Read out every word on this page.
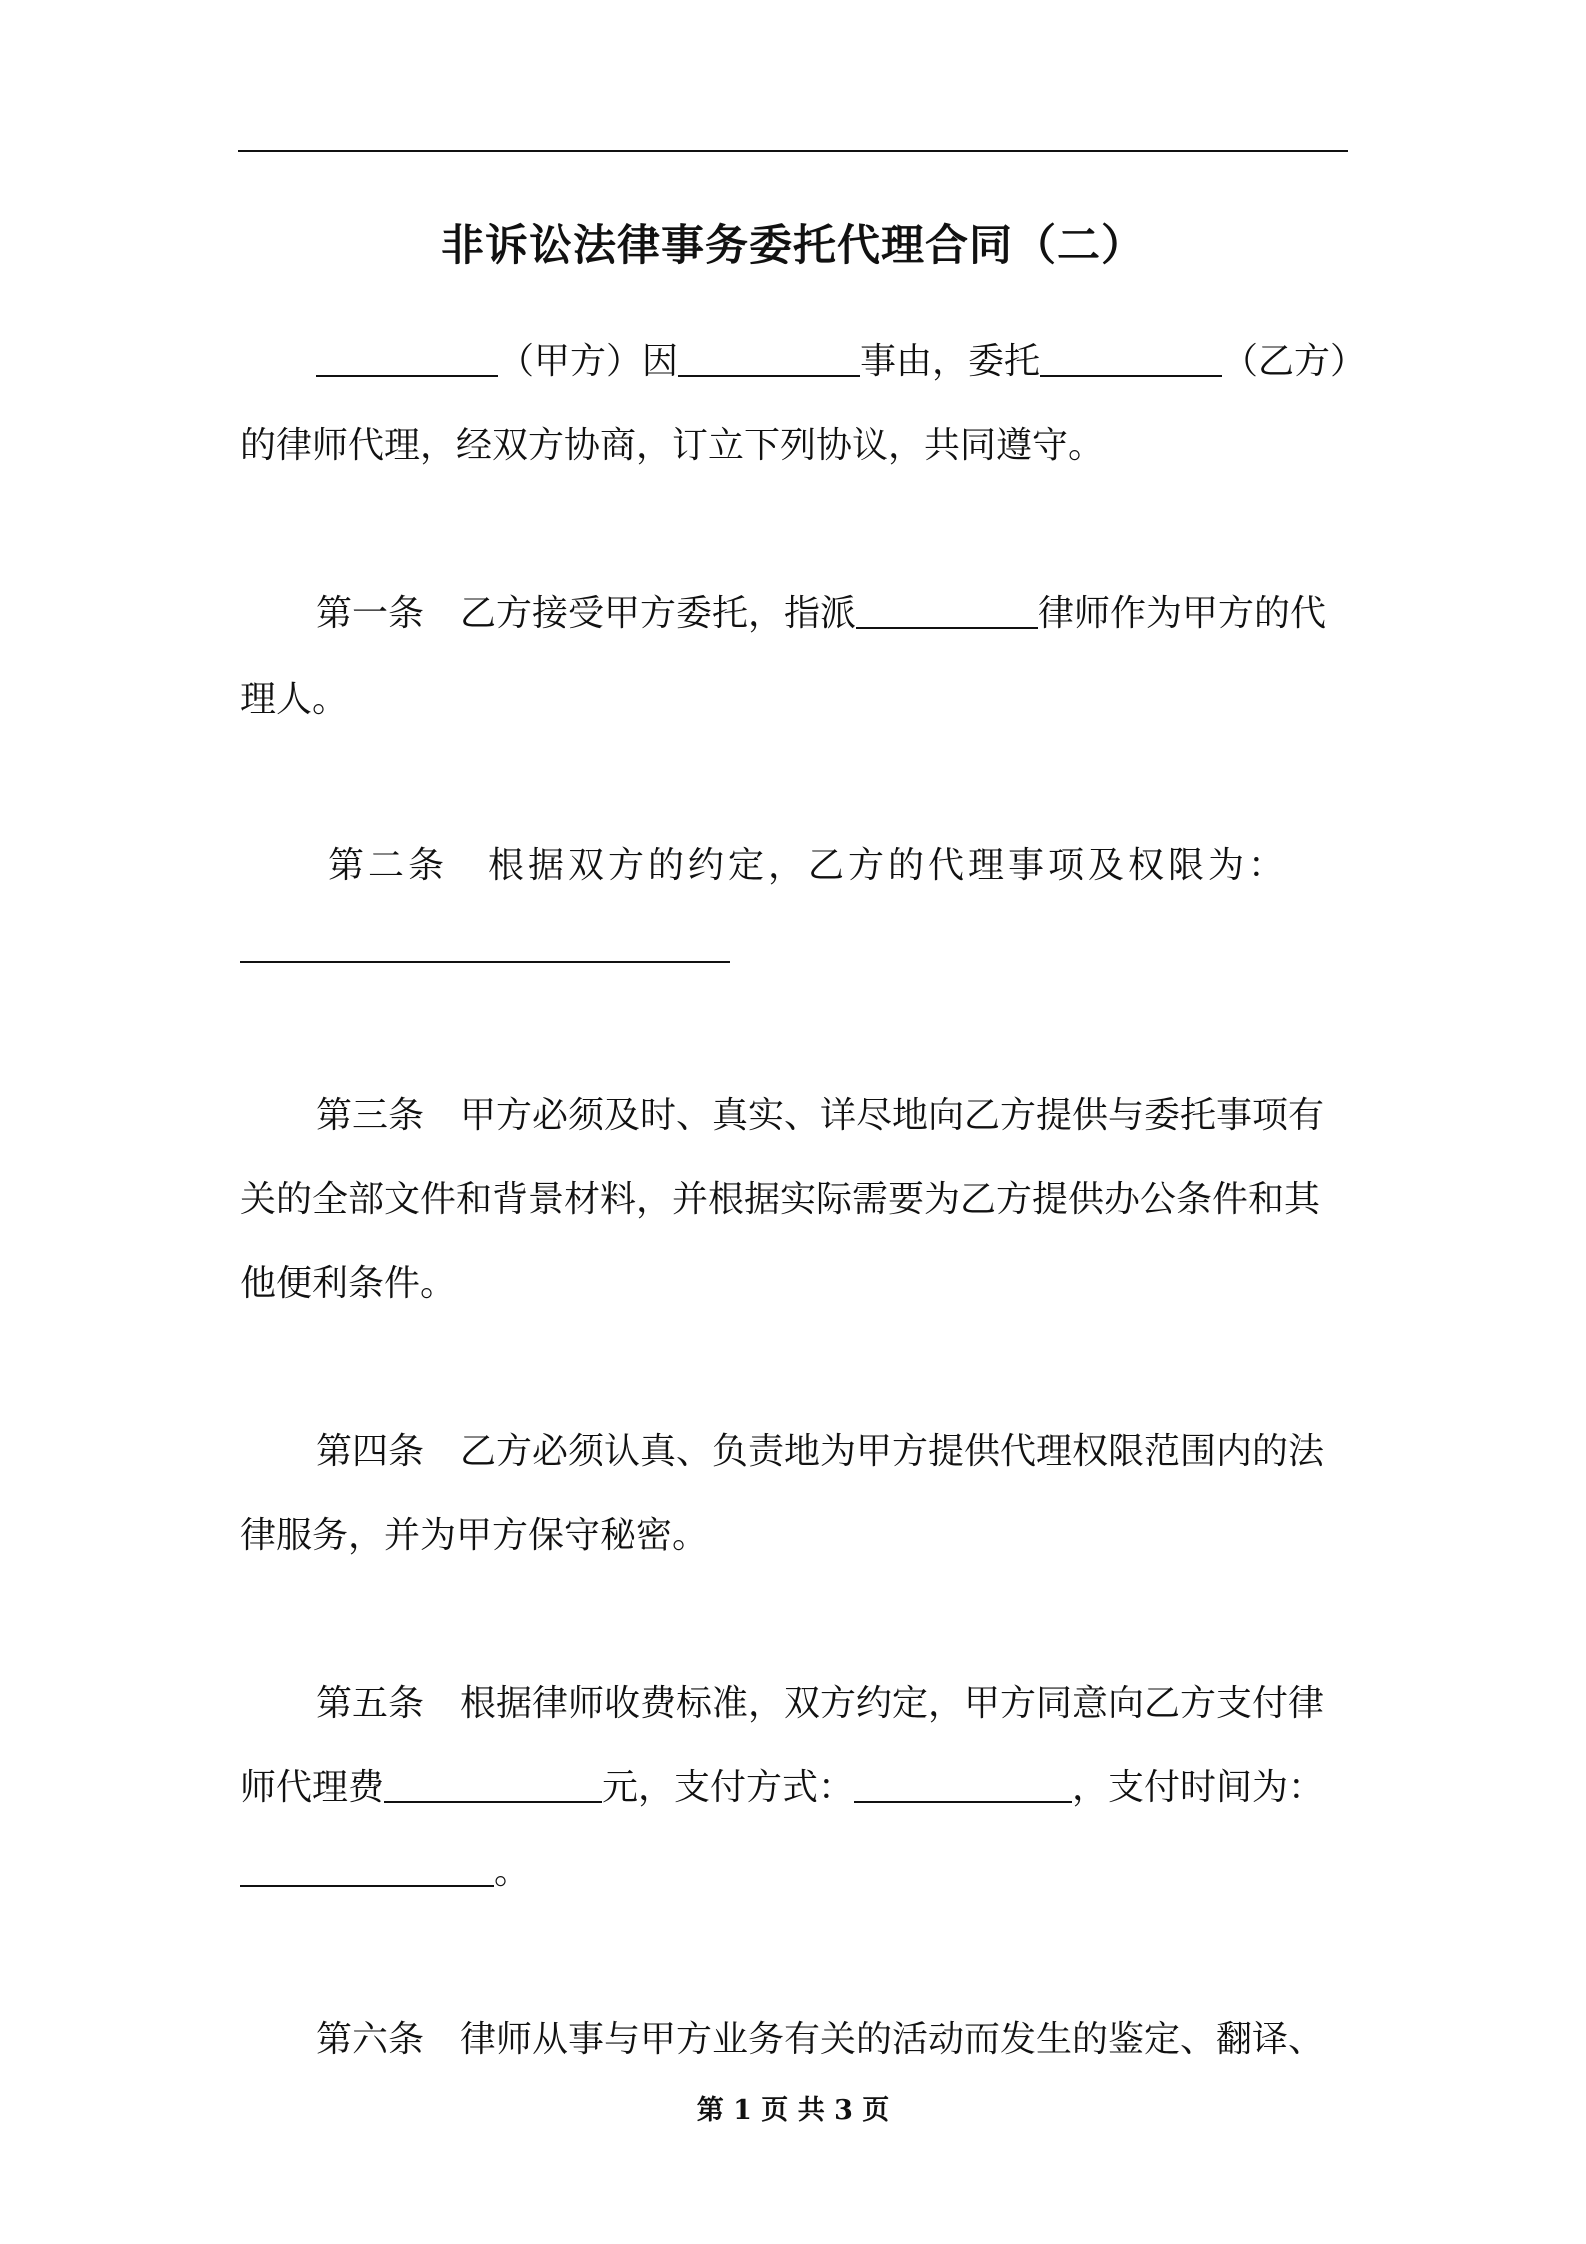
非诉讼法律事务委托代理合同（二）
（甲方）因	事由，委托	（乙方）
的律师代理，经双方协商，订立下列协议，共同遵守。
第一条　乙方接受甲方委托，指派	律师作为甲方的代
理人。
第二条　根据双方的约定，乙方的代理事项及权限为：
第三条　甲方必须及时、真实、详尽地向乙方提供与委托事项有
关的全部文件和背景材料，并根据实际需要为乙方提供办公条件和其
他便利条件。
第四条　乙方必须认真、负责地为甲方提供代理权限范围内的法
律服务，并为甲方保守秘密。
第五条　根据律师收费标准，双方约定，甲方同意向乙方支付律
师代理费	元，支付方式：	，支付时间为：
。
第六条　律师从事与甲方业务有关的活动而发生的鉴定、翻译、
第 1 页 共 3 页
